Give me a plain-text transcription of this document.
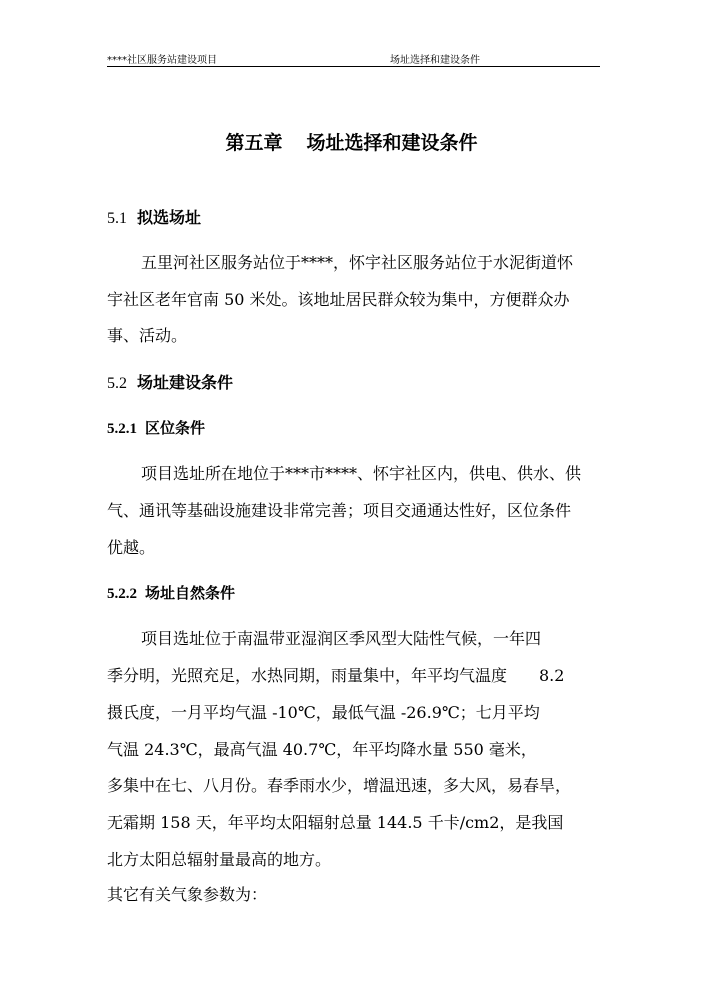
****社区服务站建设项目	场址选择和建设条件
第五章 场址选择和建设条件
5.1 拟选场址
五里河社区服务站位于****，怀宇社区服务站位于水泥街道怀
宇社区老年官南 50 米处。该地址居民群众较为集中，方便群众办
事、活动。
5.2 场址建设条件
5.2.1 区位条件
项目选址所在地位于***市****、怀宇社区内，供电、供水、供
气、通讯等基础设施建设非常完善；项目交通通达性好，区位条件
优越。
5.2.2 场址自然条件
项目选址位于南温带亚湿润区季风型大陆性气候，一年四
季分明，光照充足，水热同期，雨量集中，年平均气温度　　8.2
摄氏度，一月平均气温 -10℃，最低气温 -26.9℃；七月平均
气温 24.3℃，最高气温 40.7℃，年平均降水量 550 毫米，
多集中在七、八月份。春季雨水少，增温迅速，多大风，易春旱，
无霜期 158 天，年平均太阳辐射总量 144.5 千卡/cm2，是我国
北方太阳总辐射量最高的地方。
其它有关气象参数为：
